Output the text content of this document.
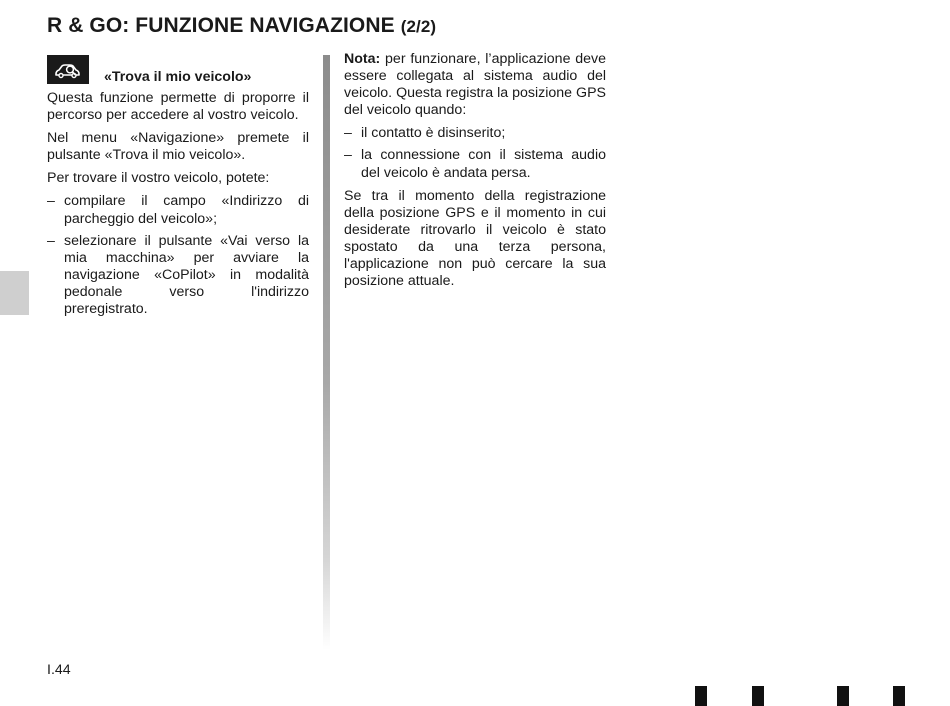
R & GO: FUNZIONE NAVIGAZIONE (2/2)
«Trova il mio veicolo»

Questa funzione permette di proporre il percorso per accedere al vostro veicolo.

Nel menu «Navigazione» premete il pulsante «Trova il mio veicolo».

Per trovare il vostro veicolo, potete:

– compilare il campo «Indirizzo di parcheggio del veicolo»;
– selezionare il pulsante «Vai verso la mia macchina» per avviare la navigazione «CoPilot» in modalità pedonale verso l'indirizzo preregistrato.

Nota: per funzionare, l’applicazione deve essere collegata al sistema audio del veicolo. Questa registra la posizione GPS del veicolo quando:

– il contatto è disinserito;
– la connessione con il sistema audio del veicolo è andata persa.

Se tra il momento della registrazione della posizione GPS e il momento in cui desiderate ritrovarlo il veicolo è stato spostato da una terza persona, l'applicazione non può cercare la sua posizione attuale.

I.44
